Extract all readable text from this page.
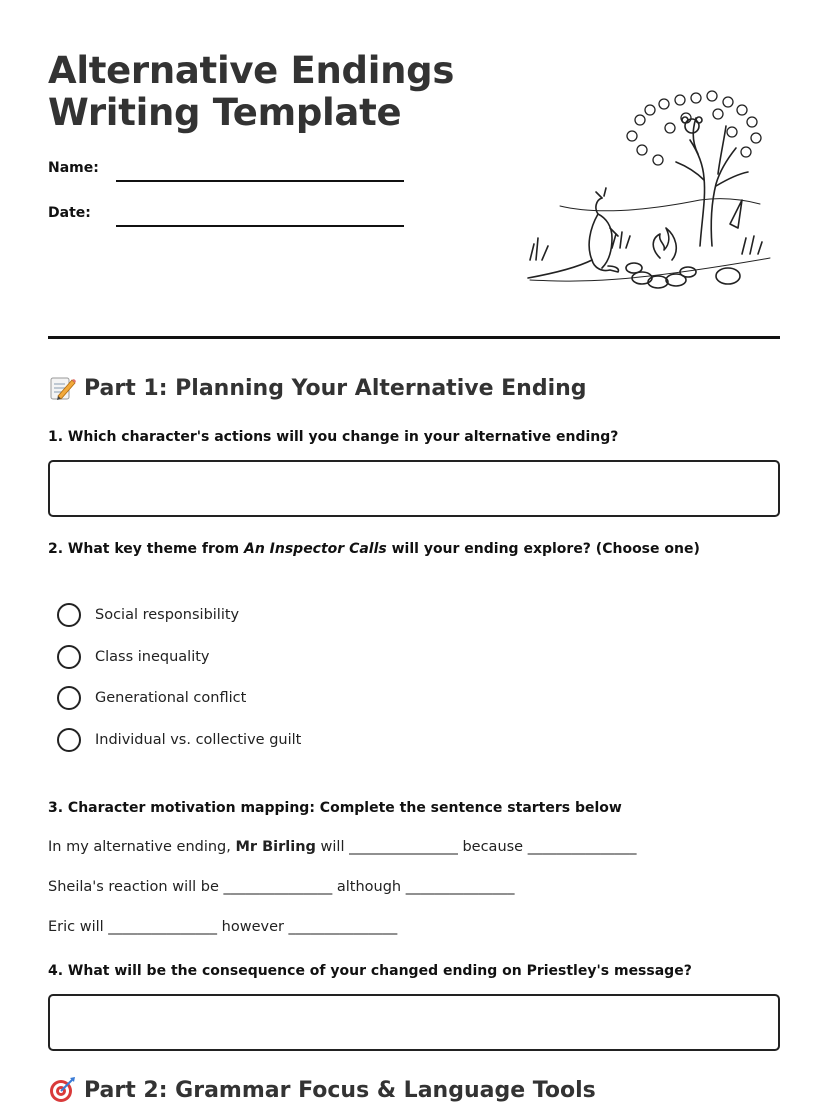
Alternative Endings
Writing Template
Name:
Date:
Part 1: Planning Your Alternative Ending
1. Which character's actions will you change in your alternative ending?
2. What key theme from An Inspector Calls will your ending explore? (Choose one)
Social responsibility
Class inequality
Generational conflict
Individual vs. collective guilt
3. Character motivation mapping: Complete the sentence starters below
In my alternative ending, Mr Birling will _______________ because _______________
Sheila's reaction will be _______________ although _______________
Eric will _______________ however _______________
4. What will be the consequence of your changed ending on Priestley's message?
Part 2: Grammar Focus & Language Tools
